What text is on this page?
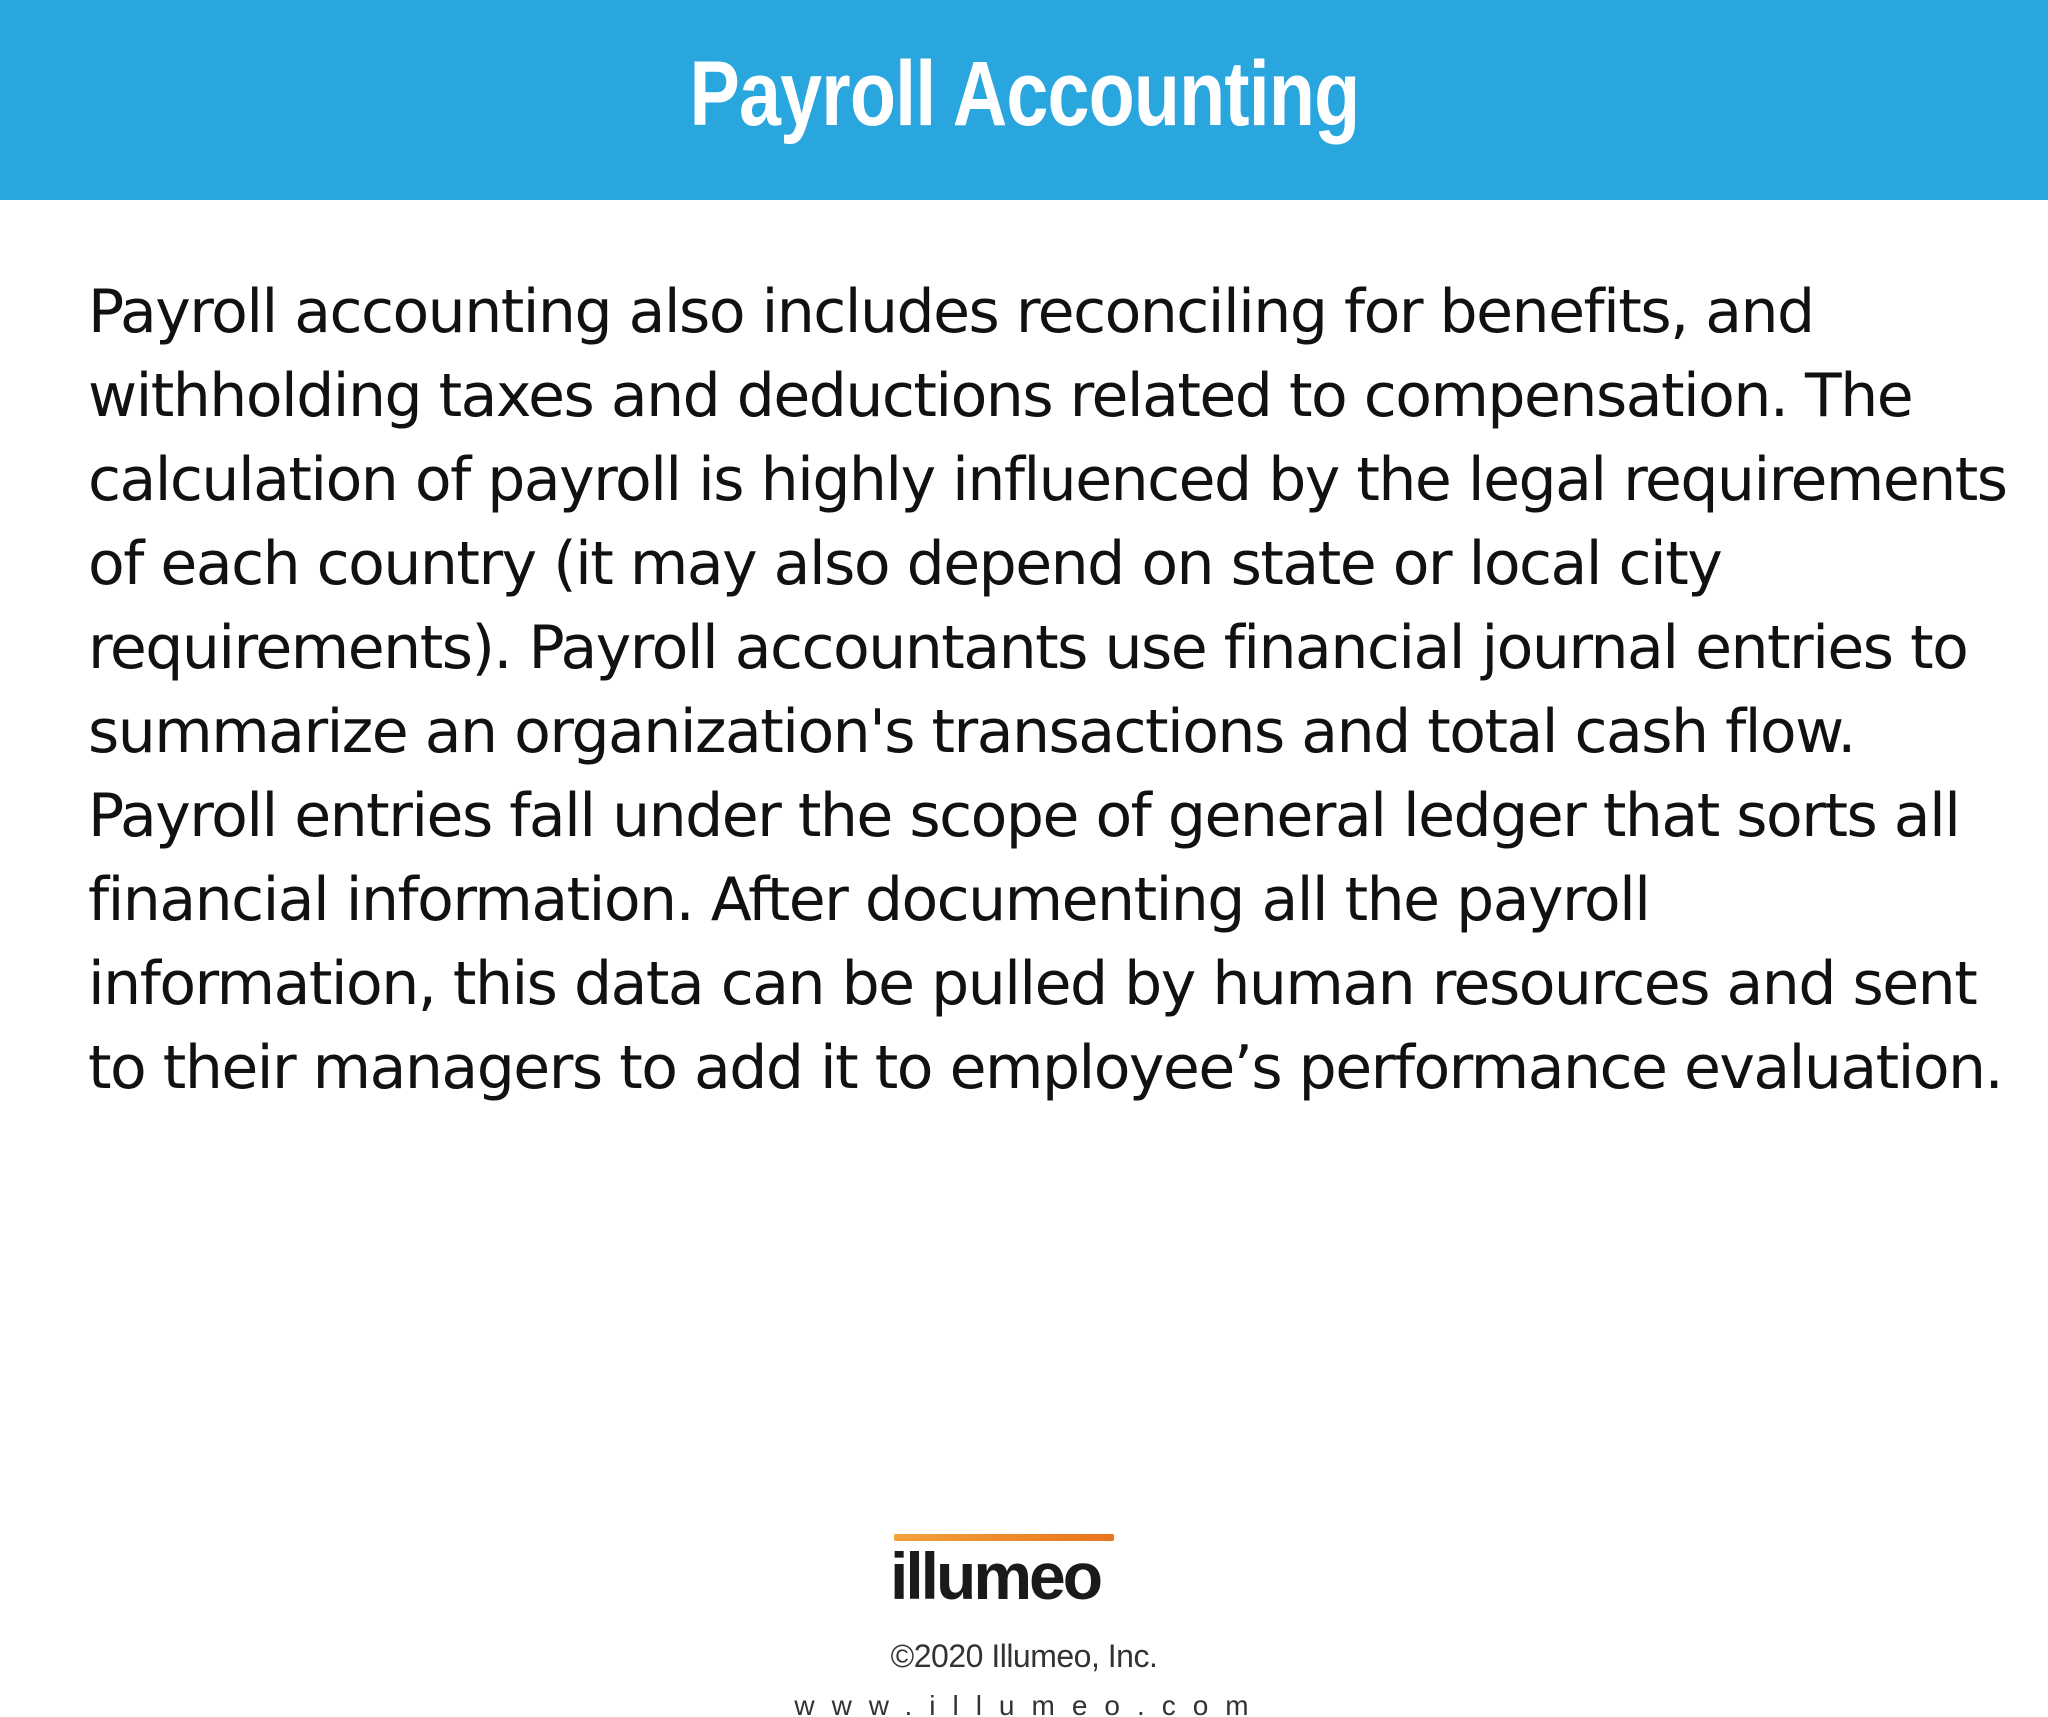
Payroll Accounting

Payroll accounting also includes reconciling for benefits, and withholding taxes and deductions related to compensation. The calculation of payroll is highly influenced by the legal requirements of each country (it may also depend on state or local city requirements). Payroll accountants use financial journal entries to summarize an organization's transactions and total cash flow. Payroll entries fall under the scope of general ledger that sorts all financial information. After documenting all the payroll information, this data can be pulled by human resources and sent to their managers to add it to employee’s performance evaluation.

illumeo
©2020 Illumeo, Inc.
www.illumeo.com
